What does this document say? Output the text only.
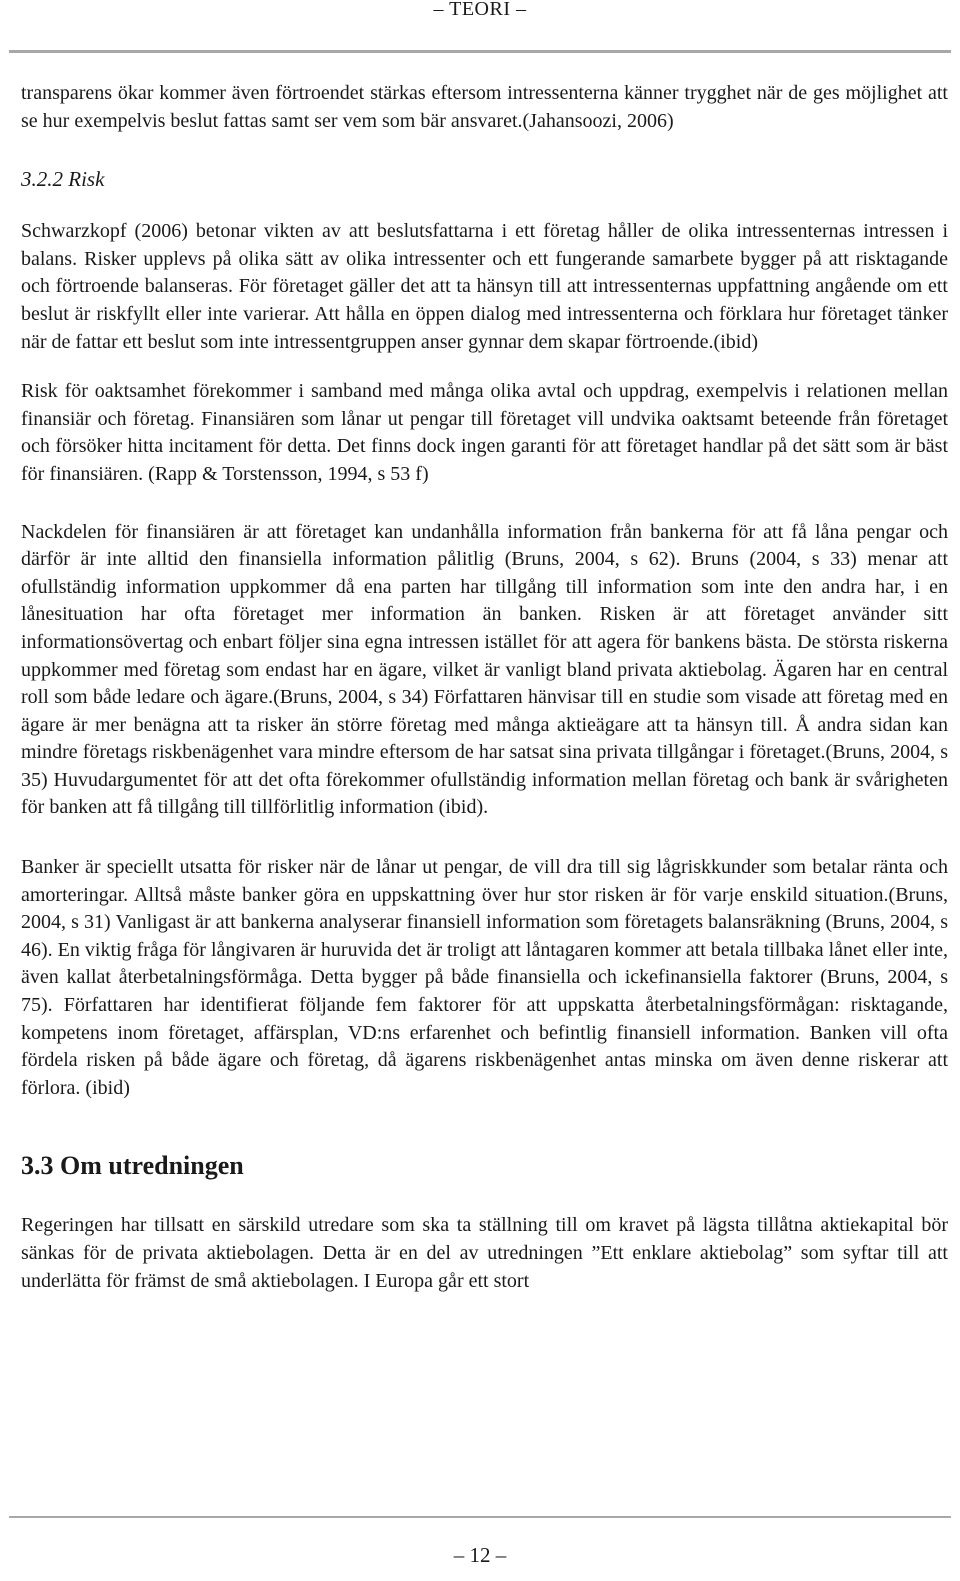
– TEORI –

transparens ökar kommer även förtroendet stärkas eftersom intressenterna känner trygghet när de ges möjlighet att se hur exempelvis beslut fattas samt ser vem som bär ansvaret.(Jahansoozi, 2006)

3.2.2 Risk

Schwarzkopf (2006) betonar vikten av att beslutsfattarna i ett företag håller de olika intressenternas intressen i balans. Risker upplevs på olika sätt av olika intressenter och ett fungerande samarbete bygger på att risktagande och förtroende balanseras. För företaget gäller det att ta hänsyn till att intressenternas uppfattning angående om ett beslut är riskfyllt eller inte varierar. Att hålla en öppen dialog med intressenterna och förklara hur företaget tänker när de fattar ett beslut som inte intressentgruppen anser gynnar dem skapar förtroende.(ibid)

Risk för oaktsamhet förekommer i samband med många olika avtal och uppdrag, exempelvis i relationen mellan finansiär och företag. Finansiären som lånar ut pengar till företaget vill undvika oaktsamt beteende från företaget och försöker hitta incitament för detta. Det finns dock ingen garanti för att företaget handlar på det sätt som är bäst för finansiären. (Rapp & Torstensson, 1994, s 53 f)

Nackdelen för finansiären är att företaget kan undanhålla information från bankerna för att få låna pengar och därför är inte alltid den finansiella information pålitlig (Bruns, 2004, s 62). Bruns (2004, s 33) menar att ofullständig information uppkommer då ena parten har tillgång till information som inte den andra har, i en lånesituation har ofta företaget mer information än banken. Risken är att företaget använder sitt informationsövertag och enbart följer sina egna intressen istället för att agera för bankens bästa. De största riskerna uppkommer med företag som endast har en ägare, vilket är vanligt bland privata aktiebolag. Ägaren har en central roll som både ledare och ägare.(Bruns, 2004, s 34) Författaren hänvisar till en studie som visade att företag med en ägare är mer benägna att ta risker än större företag med många aktieägare att ta hänsyn till. Å andra sidan kan mindre företags riskbenägenhet vara mindre eftersom de har satsat sina privata tillgångar i företaget.(Bruns, 2004, s 35) Huvudargumentet för att det ofta förekommer ofullständig information mellan företag och bank är svårigheten för banken att få tillgång till tillförlitlig information (ibid).

Banker är speciellt utsatta för risker när de lånar ut pengar, de vill dra till sig lågriskkunder som betalar ränta och amorteringar. Alltså måste banker göra en uppskattning över hur stor risken är för varje enskild situation.(Bruns, 2004, s 31) Vanligast är att bankerna analyserar finansiell information som företagets balansräkning (Bruns, 2004, s 46). En viktig fråga för långivaren är huruvida det är troligt att låntagaren kommer att betala tillbaka lånet eller inte, även kallat återbetalningsförmåga. Detta bygger på både finansiella och ickefinansiella faktorer (Bruns, 2004, s 75). Författaren har identifierat följande fem faktorer för att uppskatta återbetalningsförmågan: risktagande, kompetens inom företaget, affärsplan, VD:ns erfarenhet och befintlig finansiell information. Banken vill ofta fördela risken på både ägare och företag, då ägarens riskbenägenhet antas minska om även denne riskerar att förlora. (ibid)

3.3 Om utredningen

Regeringen har tillsatt en särskild utredare som ska ta ställning till om kravet på lägsta tillåtna aktiekapital bör sänkas för de privata aktiebolagen. Detta är en del av utredningen ”Ett enklare aktiebolag” som syftar till att underlätta för främst de små aktiebolagen. I Europa går ett stort

– 12 –
